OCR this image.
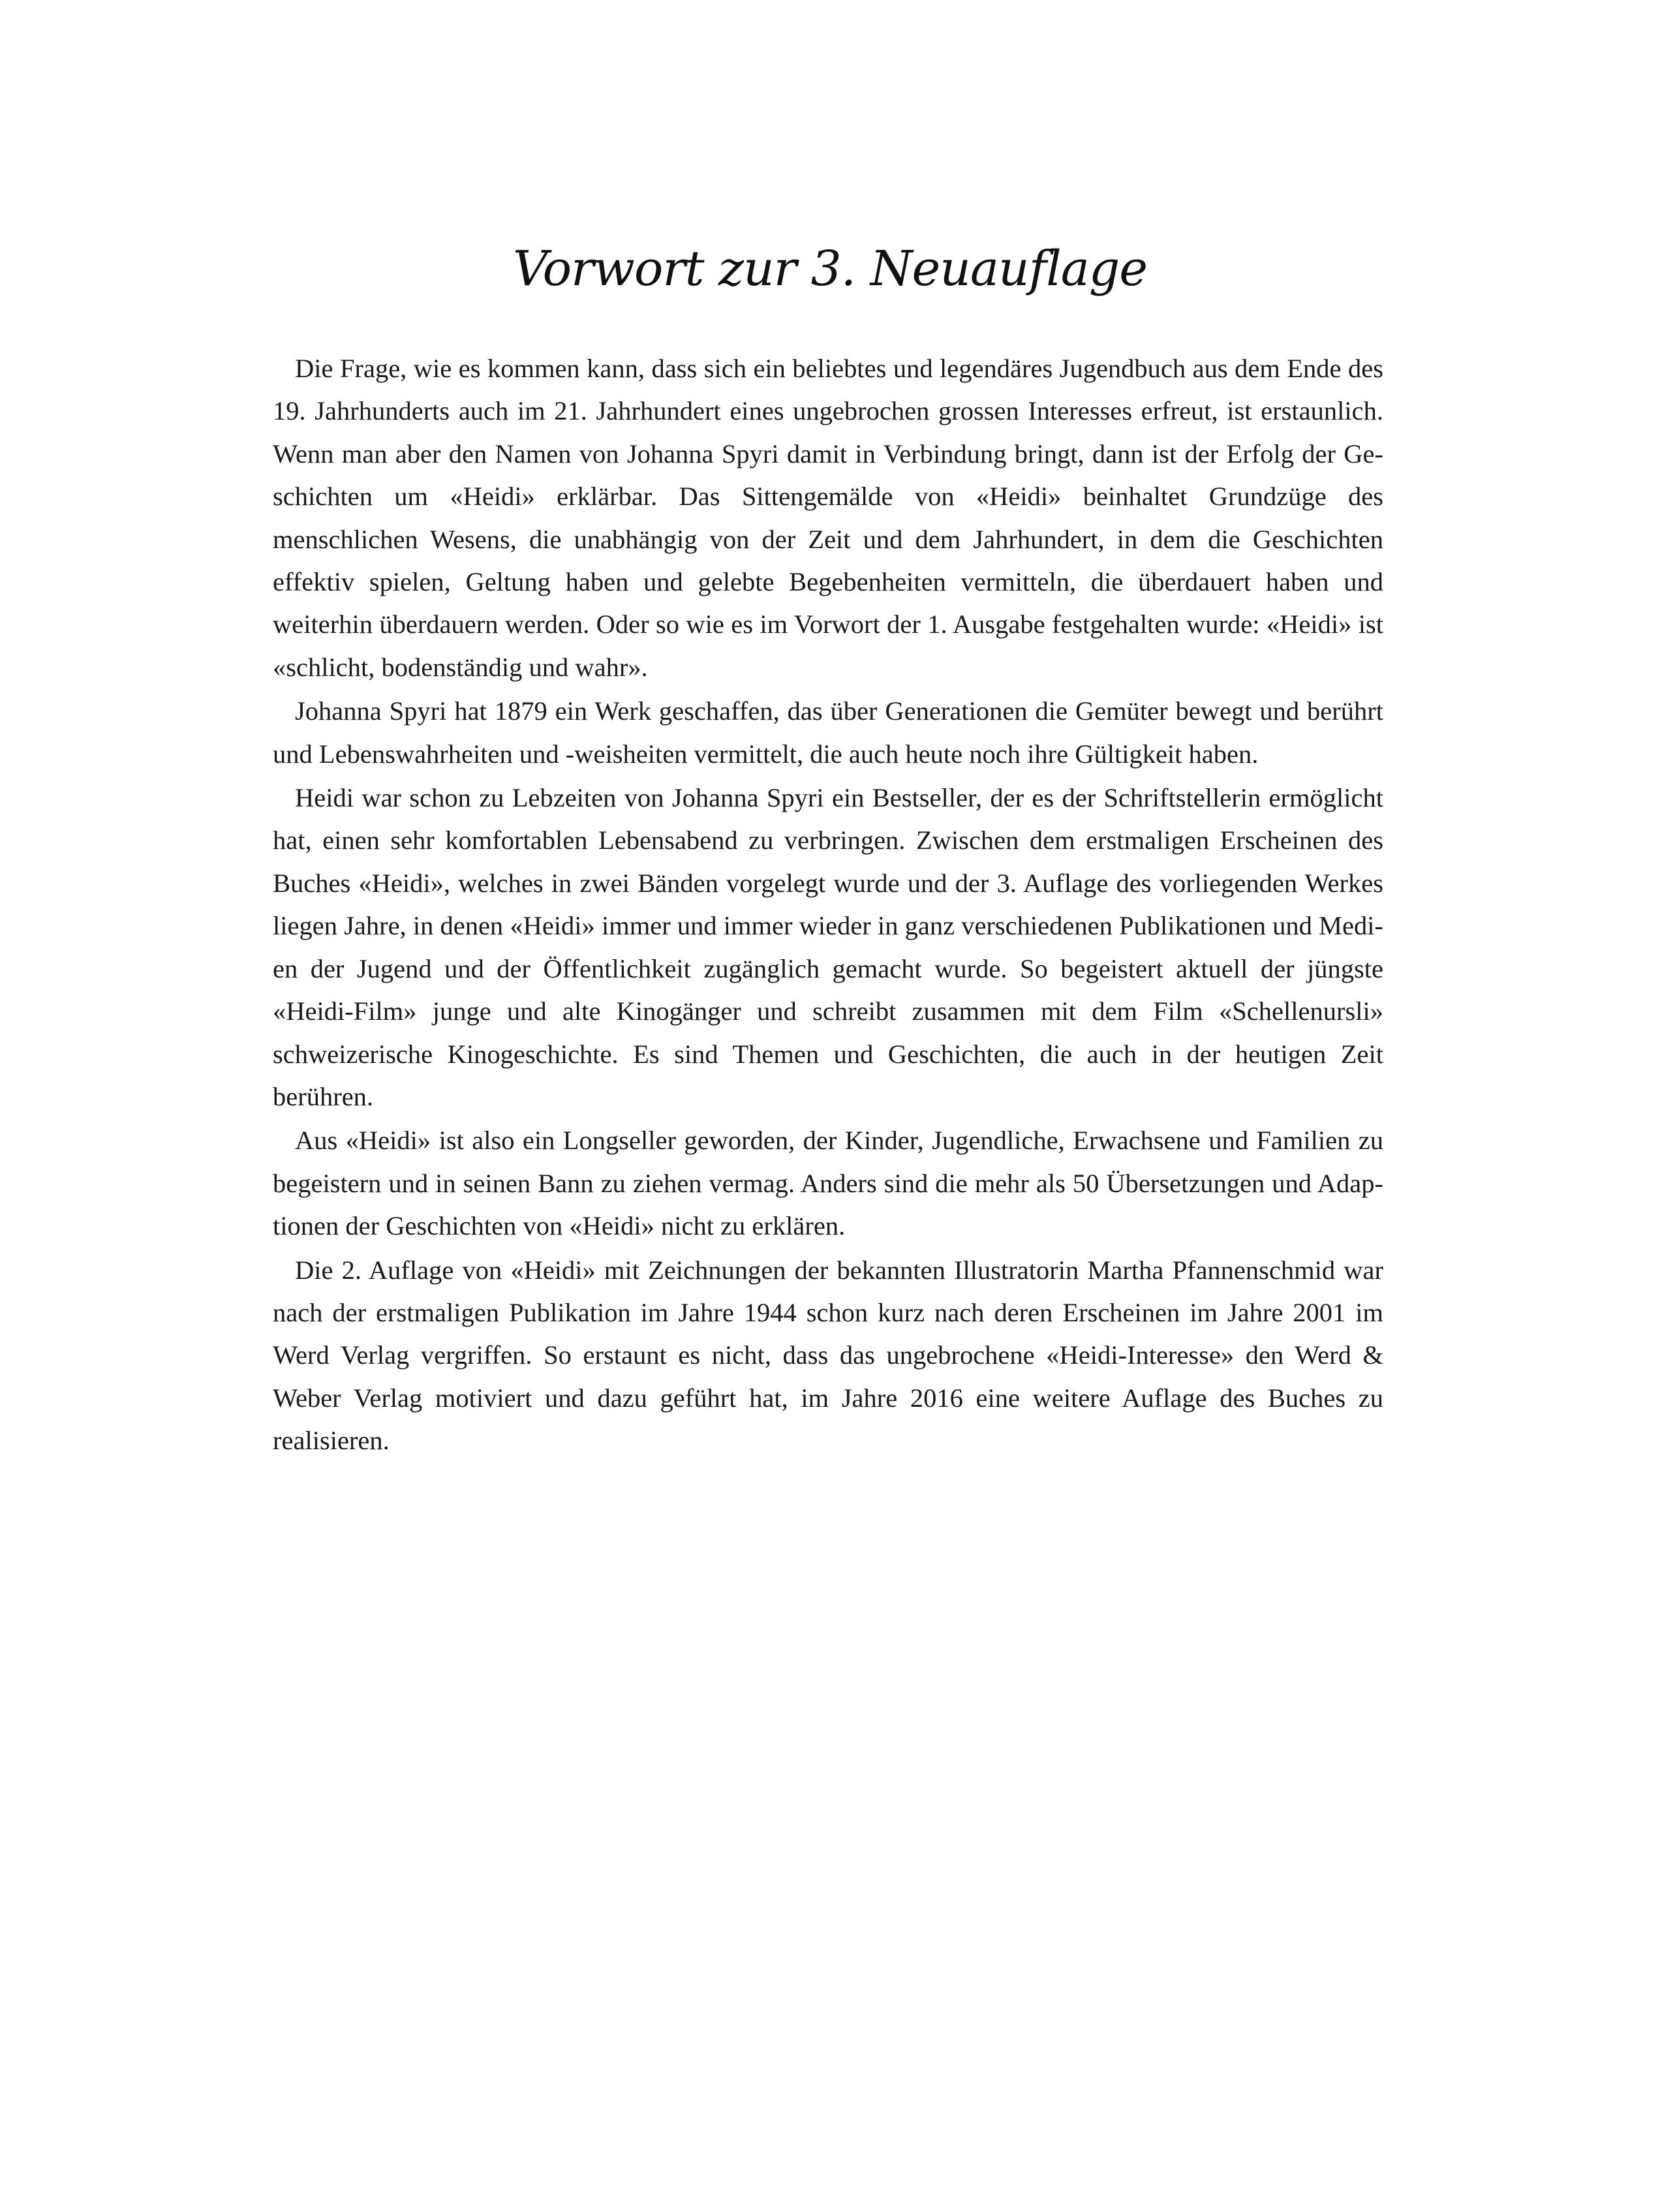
Vorwort zur 3. Neuauflage

Die Frage, wie es kommen kann, dass sich ein beliebtes und legendäres Jugendbuch aus dem Ende des 19. Jahrhunderts auch im 21. Jahrhundert eines ungebrochen grossen Interesses erfreut, ist erstaunlich. Wenn man aber den Namen von Johanna Spyri damit in Verbindung bringt, dann ist der Erfolg der Geschichten um «Heidi» erklärbar. Das Sittengemälde von «Heidi» beinhaltet Grundzüge des menschlichen Wesens, die unabhängig von der Zeit und dem Jahrhundert, in dem die Geschichten effektiv spielen, Geltung haben und gelebte Begebenheiten vermitteln, die überdauert haben und weiterhin überdauern werden. Oder so wie es im Vorwort der 1. Ausgabe festgehalten wurde: «Heidi» ist «schlicht, bodenständig und wahr».

Johanna Spyri hat 1879 ein Werk geschaffen, das über Generationen die Gemüter bewegt und berührt und Lebenswahrheiten und -weisheiten vermittelt, die auch heute noch ihre Gültigkeit haben.

Heidi war schon zu Lebzeiten von Johanna Spyri ein Bestseller, der es der Schriftstellerin ermöglicht hat, einen sehr komfortablen Lebensabend zu verbringen. Zwischen dem erstmaligen Erscheinen des Buches «Heidi», welches in zwei Bänden vorgelegt wurde und der 3. Auflage des vorliegenden Werkes liegen Jahre, in denen «Heidi» immer und immer wieder in ganz verschiedenen Publikationen und Medien der Jugend und der Öffentlichkeit zugänglich gemacht wurde. So begeistert aktuell der jüngste «Heidi-Film» junge und alte Kinogänger und schreibt zusammen mit dem Film «Schellenursli» schweizerische Kinogeschichte. Es sind Themen und Geschichten, die auch in der heutigen Zeit berühren.

Aus «Heidi» ist also ein Longseller geworden, der Kinder, Jugendliche, Erwachsene und Familien zu begeistern und in seinen Bann zu ziehen vermag. Anders sind die mehr als 50 Übersetzungen und Adaptionen der Geschichten von «Heidi» nicht zu erklären.

Die 2. Auflage von «Heidi» mit Zeichnungen der bekannten Illustratorin Martha Pfannenschmid war nach der erstmaligen Publikation im Jahre 1944 schon kurz nach deren Erscheinen im Jahre 2001 im Werd Verlag vergriffen. So erstaunt es nicht, dass das ungebrochene «Heidi-Interesse» den Werd & Weber Verlag motiviert und dazu geführt hat, im Jahre 2016 eine weitere Auflage des Buches zu realisieren.
